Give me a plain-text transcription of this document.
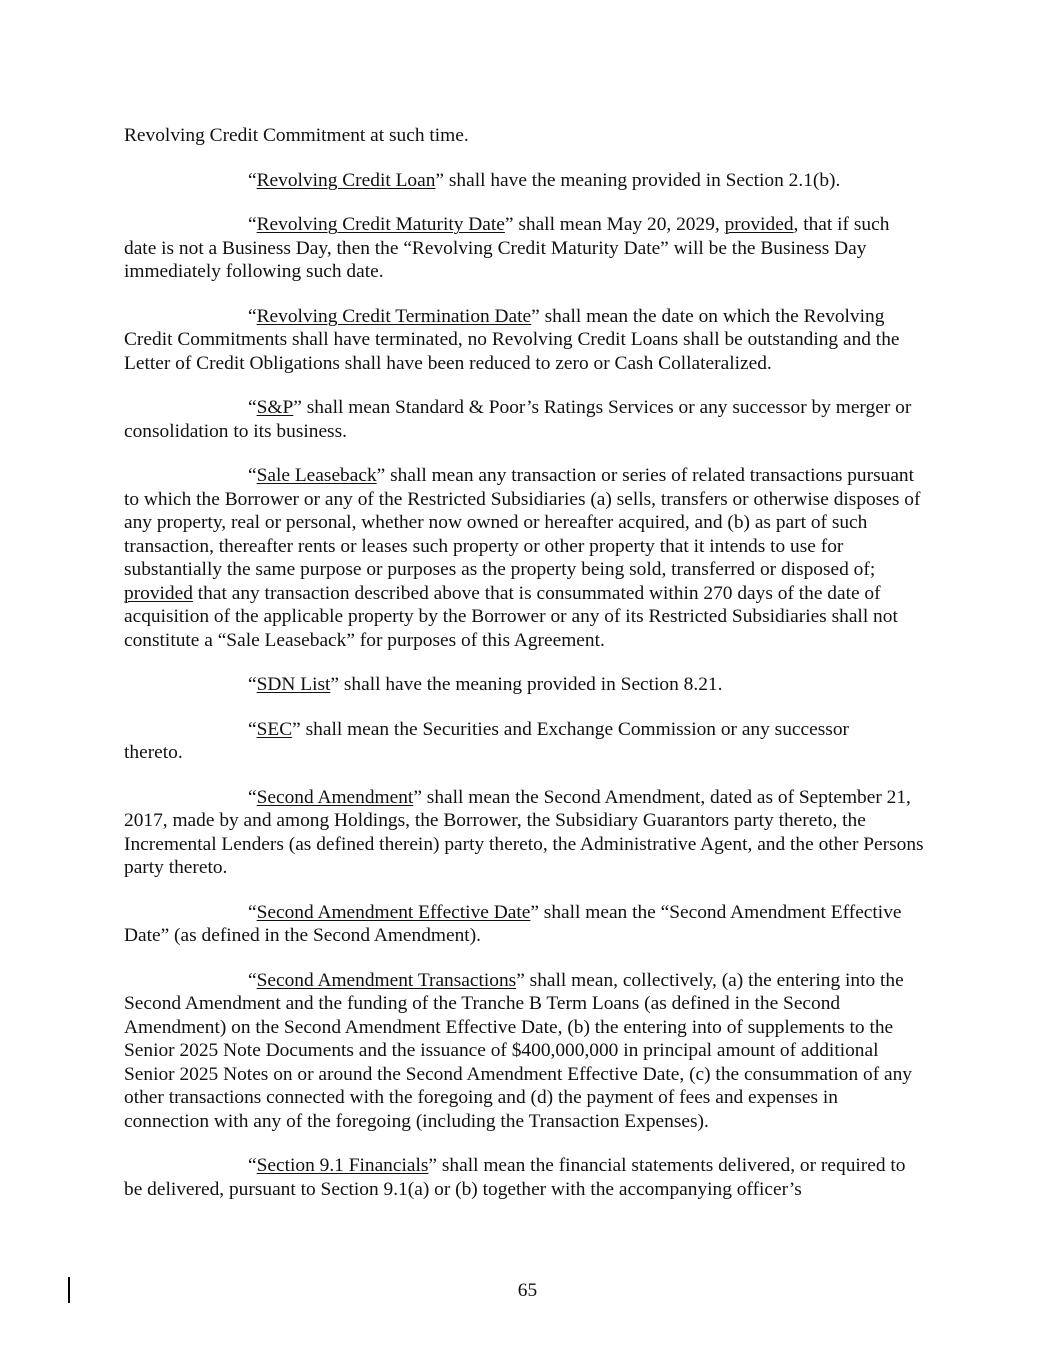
Revolving Credit Commitment at such time.

“Revolving Credit Loan” shall have the meaning provided in Section 2.1(b).

“Revolving Credit Maturity Date” shall mean May 20, 2029, provided, that if such date is not a Business Day, then the “Revolving Credit Maturity Date” will be the Business Day immediately following such date.

“Revolving Credit Termination Date” shall mean the date on which the Revolving Credit Commitments shall have terminated, no Revolving Credit Loans shall be outstanding and the Letter of Credit Obligations shall have been reduced to zero or Cash Collateralized.

“S&P” shall mean Standard & Poor’s Ratings Services or any successor by merger or consolidation to its business.

“Sale Leaseback” shall mean any transaction or series of related transactions pursuant to which the Borrower or any of the Restricted Subsidiaries (a) sells, transfers or otherwise disposes of any property, real or personal, whether now owned or hereafter acquired, and (b) as part of such transaction, thereafter rents or leases such property or other property that it intends to use for substantially the same purpose or purposes as the property being sold, transferred or disposed of; provided that any transaction described above that is consummated within 270 days of the date of acquisition of the applicable property by the Borrower or any of its Restricted Subsidiaries shall not constitute a “Sale Leaseback” for purposes of this Agreement.

“SDN List” shall have the meaning provided in Section 8.21.

“SEC” shall mean the Securities and Exchange Commission or any successor

thereto.

“Second Amendment” shall mean the Second Amendment, dated as of September 21, 2017, made by and among Holdings, the Borrower, the Subsidiary Guarantors party thereto, the Incremental Lenders (as defined therein) party thereto, the Administrative Agent, and the other Persons party thereto.

“Second Amendment Effective Date” shall mean the “Second Amendment Effective Date” (as defined in the Second Amendment).

“Second Amendment Transactions” shall mean, collectively, (a) the entering into the Second Amendment and the funding of the Tranche B Term Loans (as defined in the Second Amendment) on the Second Amendment Effective Date, (b) the entering into of supplements to the Senior 2025 Note Documents and the issuance of $400,000,000 in principal amount of additional Senior 2025 Notes on or around the Second Amendment Effective Date, (c) the consummation of any other transactions connected with the foregoing and (d) the payment of fees and expenses in connection with any of the foregoing (including the Transaction Expenses).

“Section 9.1 Financials” shall mean the financial statements delivered, or required to be delivered, pursuant to Section 9.1(a) or (b) together with the accompanying officer’s

65
